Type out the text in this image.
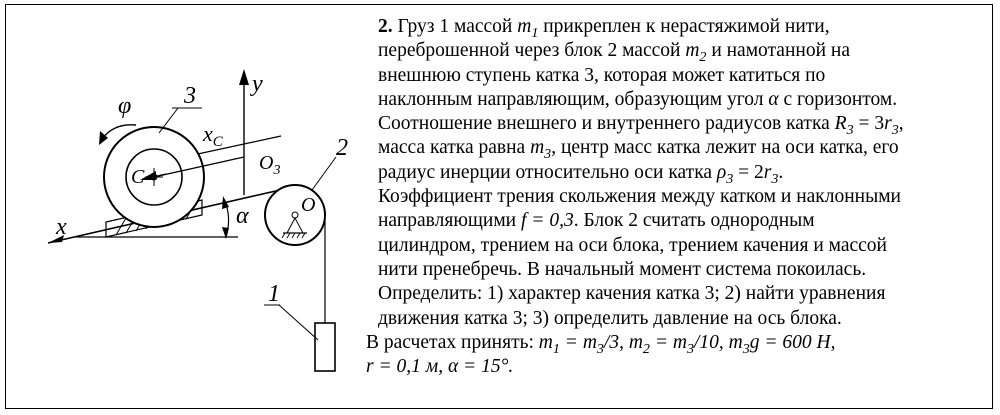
φ 3 y
$x_C$
C
$O_3$
2
O
x	α
1

2. Груз 1 массой $m_1$ прикреплен к нерастяжимой нити,
переброшенной через блок 2 массой $m_2$ и намотанной на
внешнюю ступень катка 3, которая может катиться по
наклонным направляющим, образующим угол α с горизонтом.
Соотношение внешнего и внутреннего радиусов катка $R_3 = 3r_3$,
масса катка равна $m_3$, центр масс катка лежит на оси катка, его
радиус инерции относительно оси катка $\rho_3 = 2r_3$.
Коэффициент трения скольжения между катком и наклонными
направляющими f = 0,3. Блок 2 считать однородным
цилиндром, трением на оси блока, трением качения и массой
нити пренебречь. В начальный момент система покоилась.
Определить: 1) характер качения катка 3; 2) найти уравнения
движения катка 3; 3) определить давление на ось блока.

В расчетах принять: $m_1 = m_3/3$, $m_2 = m_3/10$, $m_3g = 600$ Н,
r = 0,1 м, α = 15°.
